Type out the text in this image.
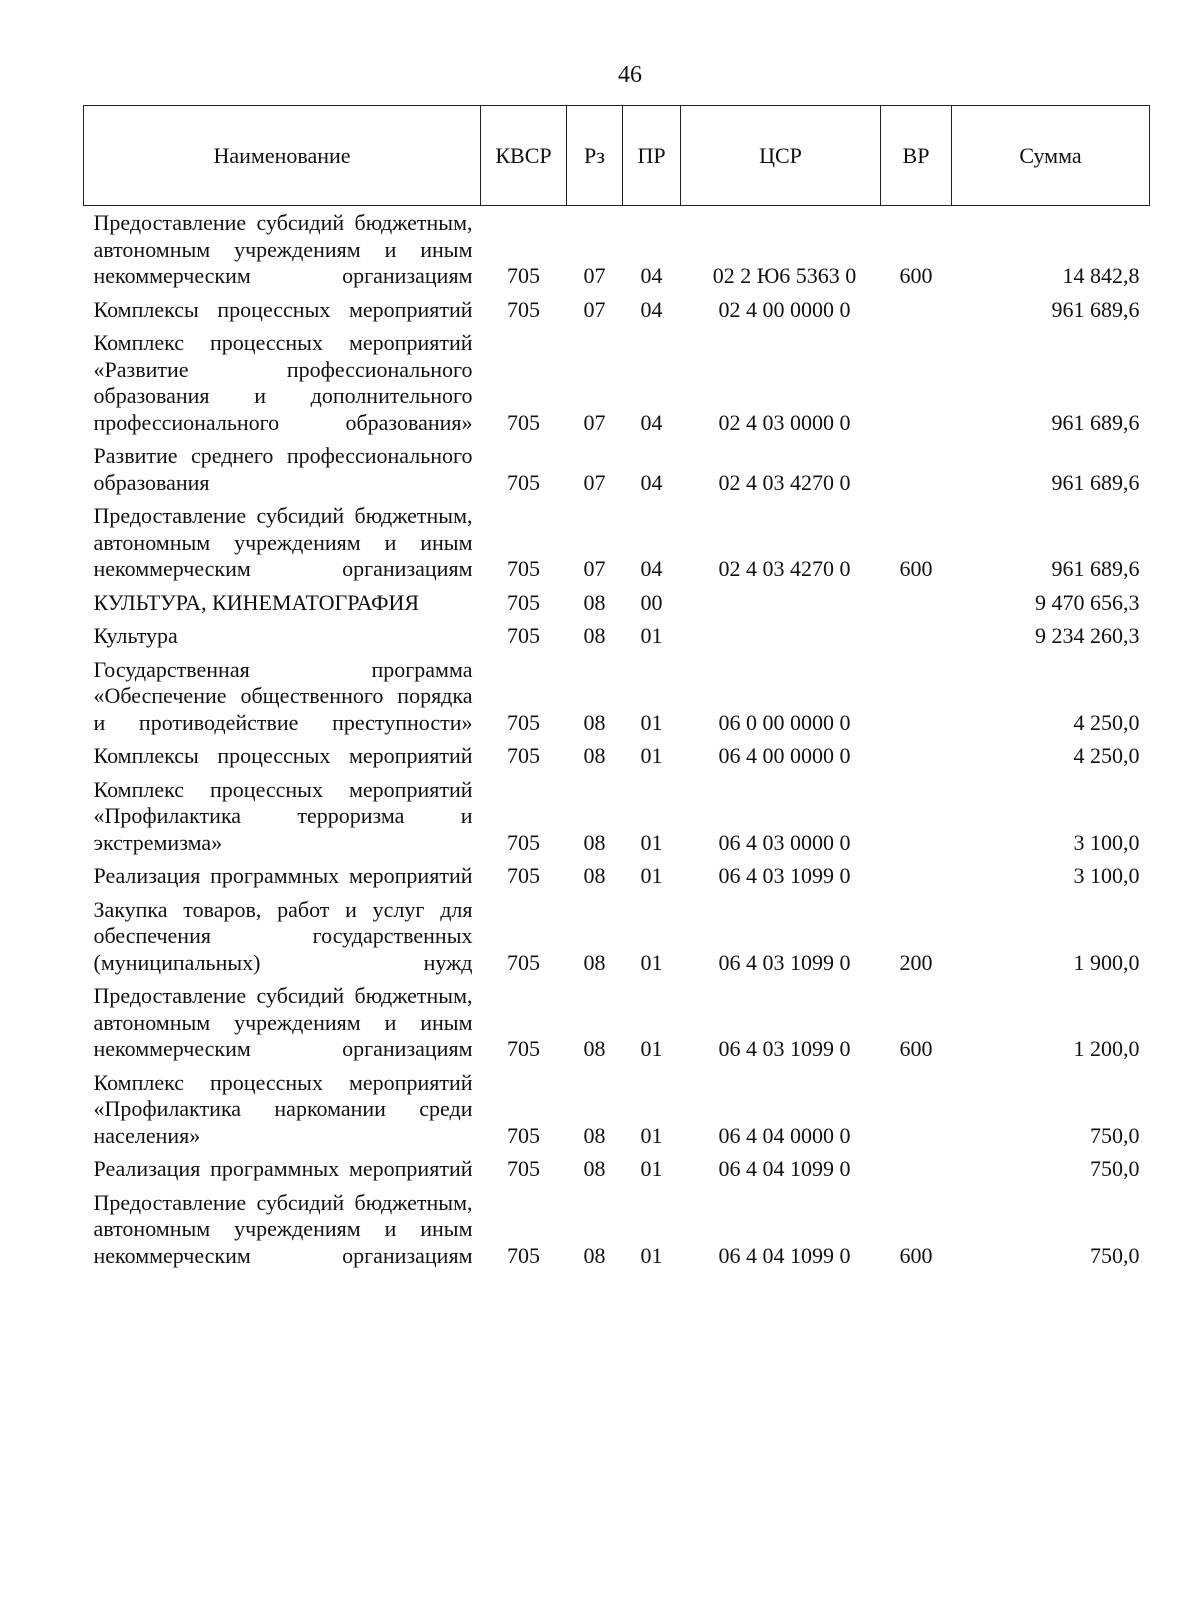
46
Наименование	КВСР	Рз	ПР	ЦСР	ВР	Сумма
Предоставление субсидий бюджетным, автономным учреждениям и иным некоммерческим организациям	705	07	04	02 2 Ю6 5363 0	600	14 842,8
Комплексы процессных мероприятий	705	07	04	02 4 00 0000 0		961 689,6
Комплекс процессных мероприятий «Развитие профессионального образования и дополнительного профессионального образования»	705	07	04	02 4 03 0000 0		961 689,6
Развитие среднего профессионального образования	705	07	04	02 4 03 4270 0		961 689,6
Предоставление субсидий бюджетным, автономным учреждениям и иным некоммерческим организациям	705	07	04	02 4 03 4270 0	600	961 689,6
КУЛЬТУРА, КИНЕМАТОГРАФИЯ	705	08	00			9 470 656,3
Культура	705	08	01			9 234 260,3
Государственная программа «Обеспечение общественного порядка и противодействие преступности»	705	08	01	06 0 00 0000 0		4 250,0
Комплексы процессных мероприятий	705	08	01	06 4 00 0000 0		4 250,0
Комплекс процессных мероприятий «Профилактика терроризма и экстремизма»	705	08	01	06 4 03 0000 0		3 100,0
Реализация программных мероприятий	705	08	01	06 4 03 1099 0		3 100,0
Закупка товаров, работ и услуг для обеспечения государственных (муниципальных) нужд	705	08	01	06 4 03 1099 0	200	1 900,0
Предоставление субсидий бюджетным, автономным учреждениям и иным некоммерческим организациям	705	08	01	06 4 03 1099 0	600	1 200,0
Комплекс процессных мероприятий «Профилактика наркомании среди населения»	705	08	01	06 4 04 0000 0		750,0
Реализация программных мероприятий	705	08	01	06 4 04 1099 0		750,0
Предоставление субсидий бюджетным, автономным учреждениям и иным некоммерческим организациям	705	08	01	06 4 04 1099 0	600	750,0
